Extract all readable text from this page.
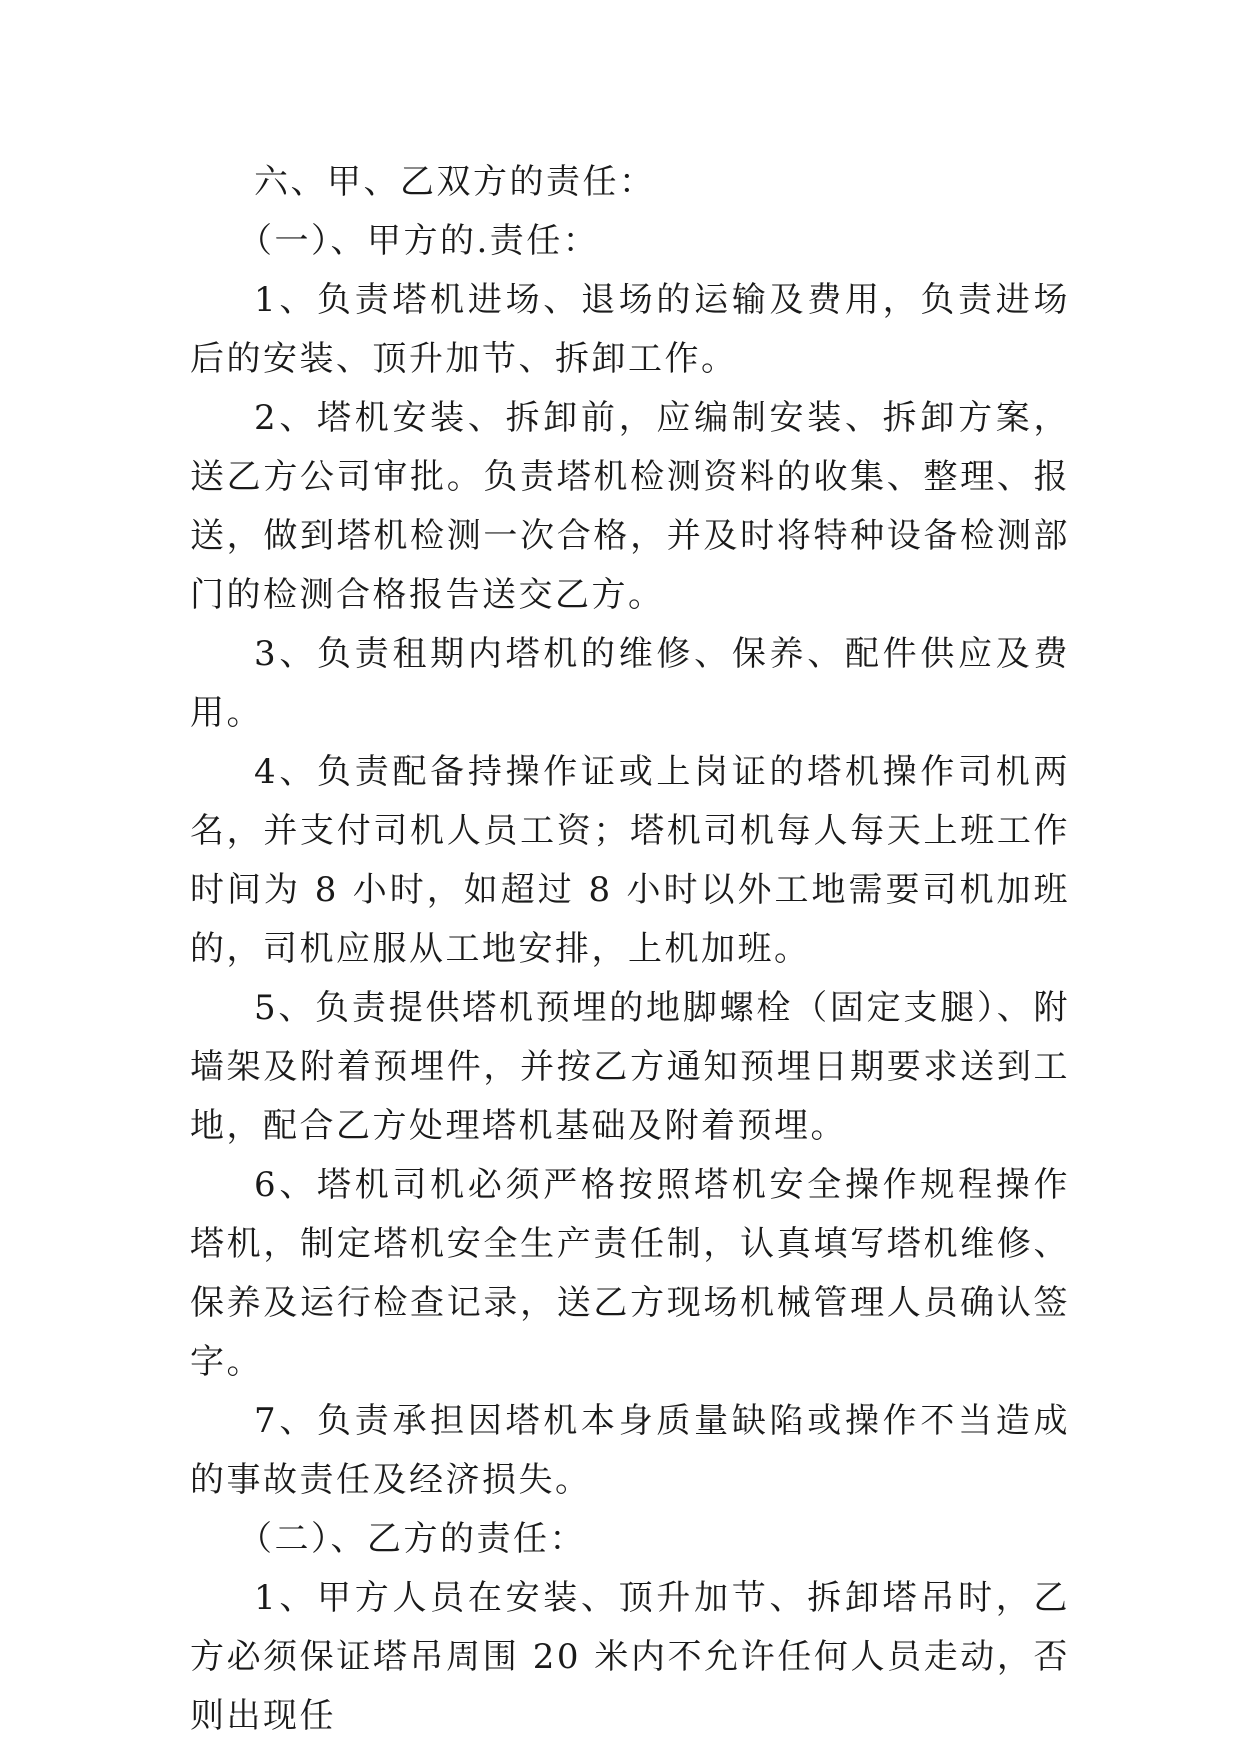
六、甲、乙双方的责任：

（一）、甲方的.责任：

1、负责塔机进场、退场的运输及费用，负责进场后的安装、顶升加节、拆卸工作。

2、塔机安装、拆卸前，应编制安装、拆卸方案，送乙方公司审批。负责塔机检测资料的收集、整理、报送，做到塔机检测一次合格，并及时将特种设备检测部门的检测合格报告送交乙方。

3、负责租期内塔机的维修、保养、配件供应及费用。

4、负责配备持操作证或上岗证的塔机操作司机两名，并支付司机人员工资；塔机司机每人每天上班工作时间为 8 小时，如超过 8 小时以外工地需要司机加班的，司机应服从工地安排，上机加班。

5、负责提供塔机预埋的地脚螺栓（固定支腿）、附墙架及附着预埋件，并按乙方通知预埋日期要求送到工地，配合乙方处理塔机基础及附着预埋。

6、塔机司机必须严格按照塔机安全操作规程操作塔机，制定塔机安全生产责任制，认真填写塔机维修、保养及运行检查记录，送乙方现场机械管理人员确认签字。

7、负责承担因塔机本身质量缺陷或操作不当造成的事故责任及经济损失。

（二）、乙方的责任：

1、甲方人员在安装、顶升加节、拆卸塔吊时，乙方必须保证塔吊周围 20 米内不允许任何人员走动，否则出现任
